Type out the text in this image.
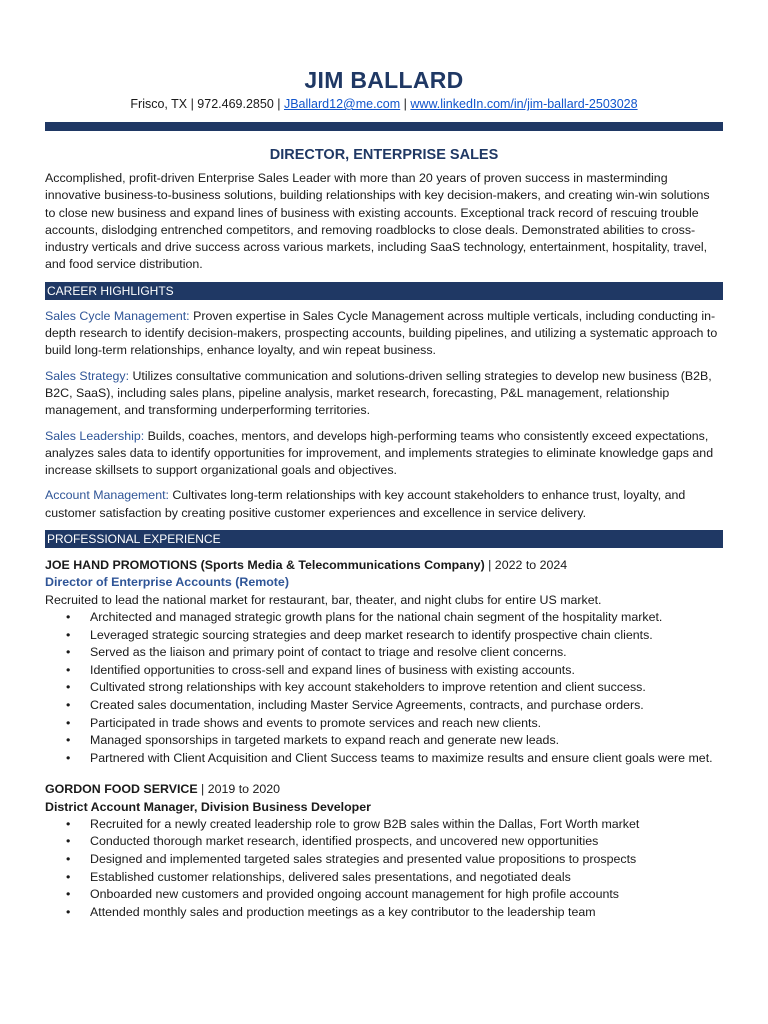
JIM BALLARD
Frisco, TX | 972.469.2850 | JBallard12@me.com | www.linkedIn.com/in/jim-ballard-2503028
DIRECTOR, ENTERPRISE SALES
Accomplished, profit-driven Enterprise Sales Leader with more than 20 years of proven success in masterminding innovative business-to-business solutions, building relationships with key decision-makers, and creating win-win solutions to close new business and expand lines of business with existing accounts. Exceptional track record of rescuing trouble accounts, dislodging entrenched competitors, and removing roadblocks to close deals. Demonstrated abilities to cross-industry verticals and drive success across various markets, including SaaS technology, entertainment, hospitality, travel, and food service distribution.
CAREER HIGHLIGHTS
Sales Cycle Management: Proven expertise in Sales Cycle Management across multiple verticals, including conducting in-depth research to identify decision-makers, prospecting accounts, building pipelines, and utilizing a systematic approach to build long-term relationships, enhance loyalty, and win repeat business.
Sales Strategy: Utilizes consultative communication and solutions-driven selling strategies to develop new business (B2B, B2C, SaaS), including sales plans, pipeline analysis, market research, forecasting, P&L management, relationship management, and transforming underperforming territories.
Sales Leadership: Builds, coaches, mentors, and develops high-performing teams who consistently exceed expectations, analyzes sales data to identify opportunities for improvement, and implements strategies to eliminate knowledge gaps and increase skillsets to support organizational goals and objectives.
Account Management: Cultivates long-term relationships with key account stakeholders to enhance trust, loyalty, and customer satisfaction by creating positive customer experiences and excellence in service delivery.
PROFESSIONAL EXPERIENCE
JOE HAND PROMOTIONS (Sports Media & Telecommunications Company) | 2022 to 2024
Director of Enterprise Accounts (Remote)
Recruited to lead the national market for restaurant, bar, theater, and night clubs for entire US market.
• Architected and managed strategic growth plans for the national chain segment of the hospitality market.
• Leveraged strategic sourcing strategies and deep market research to identify prospective chain clients.
• Served as the liaison and primary point of contact to triage and resolve client concerns.
• Identified opportunities to cross-sell and expand lines of business with existing accounts.
• Cultivated strong relationships with key account stakeholders to improve retention and client success.
• Created sales documentation, including Master Service Agreements, contracts, and purchase orders.
• Participated in trade shows and events to promote services and reach new clients.
• Managed sponsorships in targeted markets to expand reach and generate new leads.
• Partnered with Client Acquisition and Client Success teams to maximize results and ensure client goals were met.
GORDON FOOD SERVICE | 2019 to 2020
District Account Manager, Division Business Developer
• Recruited for a newly created leadership role to grow B2B sales within the Dallas, Fort Worth market
• Conducted thorough market research, identified prospects, and uncovered new opportunities
• Designed and implemented targeted sales strategies and presented value propositions to prospects
• Established customer relationships, delivered sales presentations, and negotiated deals
• Onboarded new customers and provided ongoing account management for high profile accounts
• Attended monthly sales and production meetings as a key contributor to the leadership team
